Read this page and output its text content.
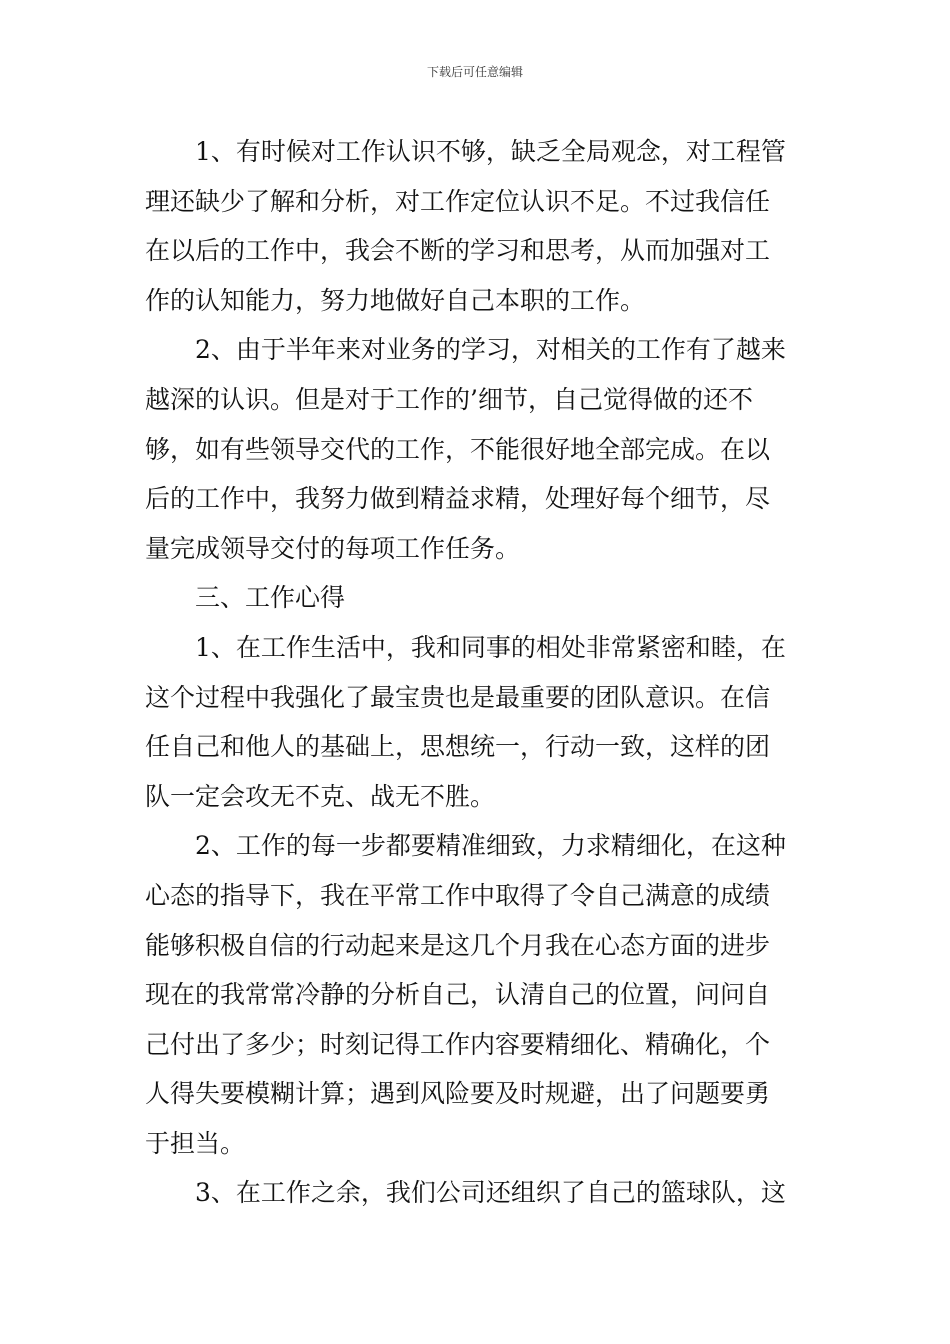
下载后可任意编辑
1、有时候对工作认识不够，缺乏全局观念，对工程管
理还缺少了解和分析，对工作定位认识不足。不过我信任
在以后的工作中，我会不断的学习和思考，从而加强对工
作的认知能力，努力地做好自己本职的工作。
2、由于半年来对业务的学习，对相关的工作有了越来
越深的认识。但是对于工作的’细节，自己觉得做的还不
够，如有些领导交代的工作，不能很好地全部完成。在以
后的工作中，我努力做到精益求精，处理好每个细节，尽
量完成领导交付的每项工作任务。
三、工作心得
1、在工作生活中，我和同事的相处非常紧密和睦，在
这个过程中我强化了最宝贵也是最重要的团队意识。在信
任自己和他人的基础上，思想统一，行动一致，这样的团
队一定会攻无不克、战无不胜。
2、工作的每一步都要精准细致，力求精细化，在这种
心态的指导下，我在平常工作中取得了令自己满意的成绩
能够积极自信的行动起来是这几个月我在心态方面的进步
现在的我常常冷静的分析自己，认清自己的位置，问问自
己付出了多少；时刻记得工作内容要精细化、精确化，个
人得失要模糊计算；遇到风险要及时规避，出了问题要勇
于担当。
3、在工作之余，我们公司还组织了自己的篮球队，这
